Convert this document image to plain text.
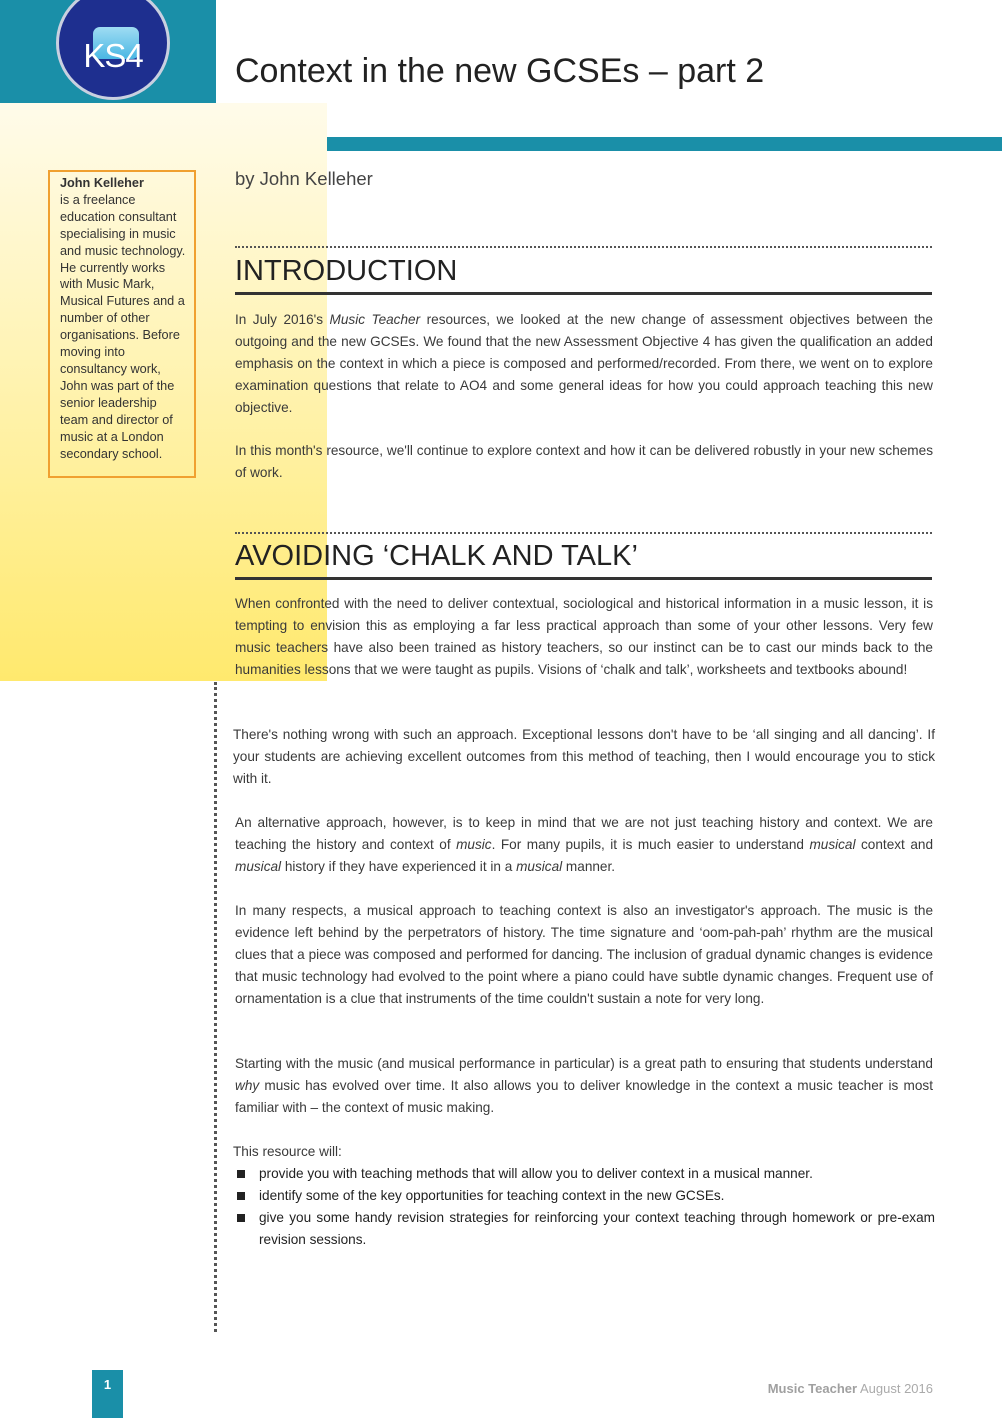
KS4	Context in the new GCSEs – part 2
John Kelleher
is a freelance education consultant specialising in music and music technology. He currently works with Music Mark, Musical Futures and a number of other organisations. Before moving into consultancy work, John was part of the senior leadership team and director of music at a London secondary school.
by John Kelleher
INTRODUCTION

In July 2016's Music Teacher resources, we looked at the new change of assessment objectives between the outgoing and the new GCSEs. We found that the new Assessment Objective 4 has given the qualification an added emphasis on the context in which a piece is composed and performed/recorded. From there, we went on to explore examination questions that relate to AO4 and some general ideas for how you could approach teaching this new objective.

In this month's resource, we'll continue to explore context and how it can be delivered robustly in your new schemes of work.

AVOIDING ‘CHALK AND TALK’

When confronted with the need to deliver contextual, sociological and historical information in a music lesson, it is tempting to envision this as employing a far less practical approach than some of your other lessons. Very few music teachers have also been trained as history teachers, so our instinct can be to cast our minds back to the humanities lessons that we were taught as pupils. Visions of ‘chalk and talk’, worksheets and textbooks abound!

There's nothing wrong with such an approach. Exceptional lessons don't have to be ‘all singing and all dancing’. If your students are achieving excellent outcomes from this method of teaching, then I would encourage you to stick with it.

An alternative approach, however, is to keep in mind that we are not just teaching history and context. We are teaching the history and context of music. For many pupils, it is much easier to understand musical context and musical history if they have experienced it in a musical manner.

In many respects, a musical approach to teaching context is also an investigator's approach. The music is the evidence left behind by the perpetrators of history. The time signature and ‘oom-pah-pah’ rhythm are the musical clues that a piece was composed and performed for dancing. The inclusion of gradual dynamic changes is evidence that music technology had evolved to the point where a piano could have subtle dynamic changes. Frequent use of ornamentation is a clue that instruments of the time couldn't sustain a note for very long.

Starting with the music (and musical performance in particular) is a great path to ensuring that students understand why music has evolved over time. It also allows you to deliver knowledge in the context a music teacher is most familiar with – the context of music making.

This resource will:

provide you with teaching methods that will allow you to deliver context in a musical manner.
identify some of the key opportunities for teaching context in the new GCSEs.
give you some handy revision strategies for reinforcing your context teaching through homework or pre-exam revision sessions.
1	Music Teacher August 2016
